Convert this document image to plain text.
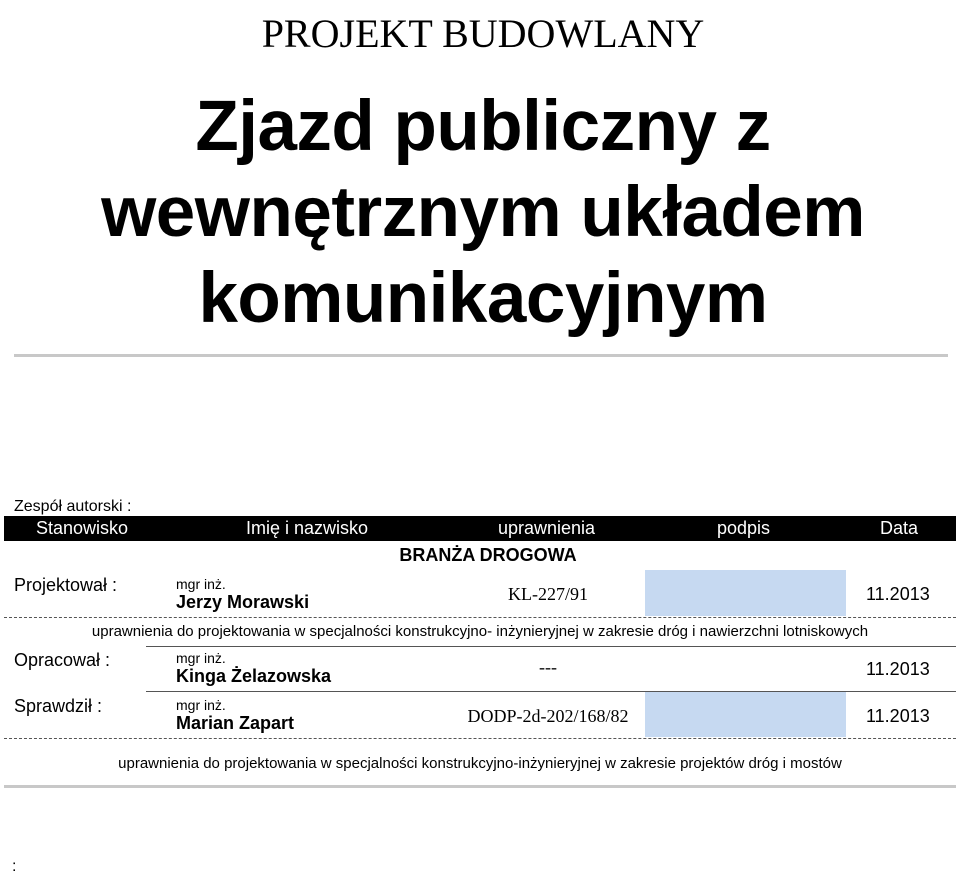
PROJEKT BUDOWLANY
Zjazd publiczny z
wewnętrznym układem
komunikacyjnym
Zespół autorski :
Stanowisko	Imię i nazwisko	uprawnienia	podpis	Data
BRANŻA DROGOWA
Projektował :	mgr inż.
Jerzy Morawski	KL-227/91	11.2013
uprawnienia do projektowania w specjalności konstrukcyjno- inżynieryjnej w zakresie dróg i nawierzchni lotniskowych
Opracował :	mgr inż.
Kinga Żelazowska	---	11.2013
Sprawdził :	mgr inż.
Marian Zapart	DODP-2d-202/168/82	11.2013
uprawnienia do projektowania w specjalności konstrukcyjno-inżynieryjnej w zakresie projektów dróg i mostów
:
